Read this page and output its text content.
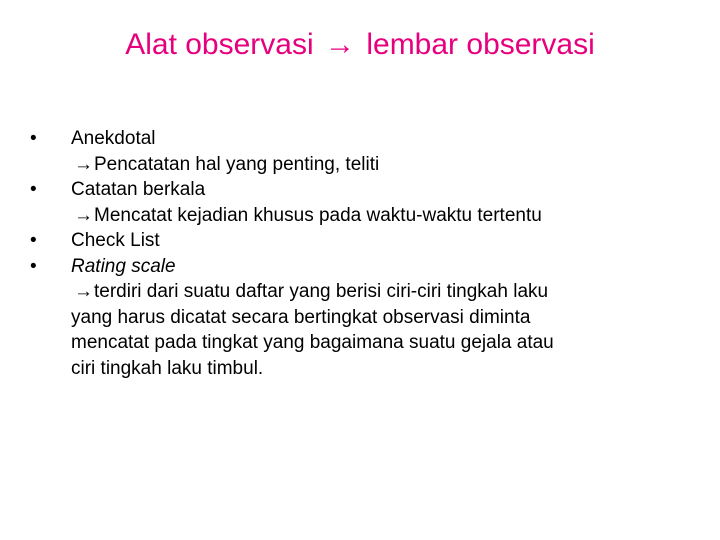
Alat observasi → lembar observasi
•	Anekdotal
→Pencatatan hal yang penting, teliti
•	Catatan berkala
→Mencatat kejadian khusus pada waktu-waktu tertentu
•	Check List
•	Rating scale
→terdiri dari suatu daftar yang berisi ciri-ciri tingkah laku
yang harus dicatat secara bertingkat observasi diminta
mencatat pada tingkat yang bagaimana suatu gejala atau
ciri tingkah laku timbul.
